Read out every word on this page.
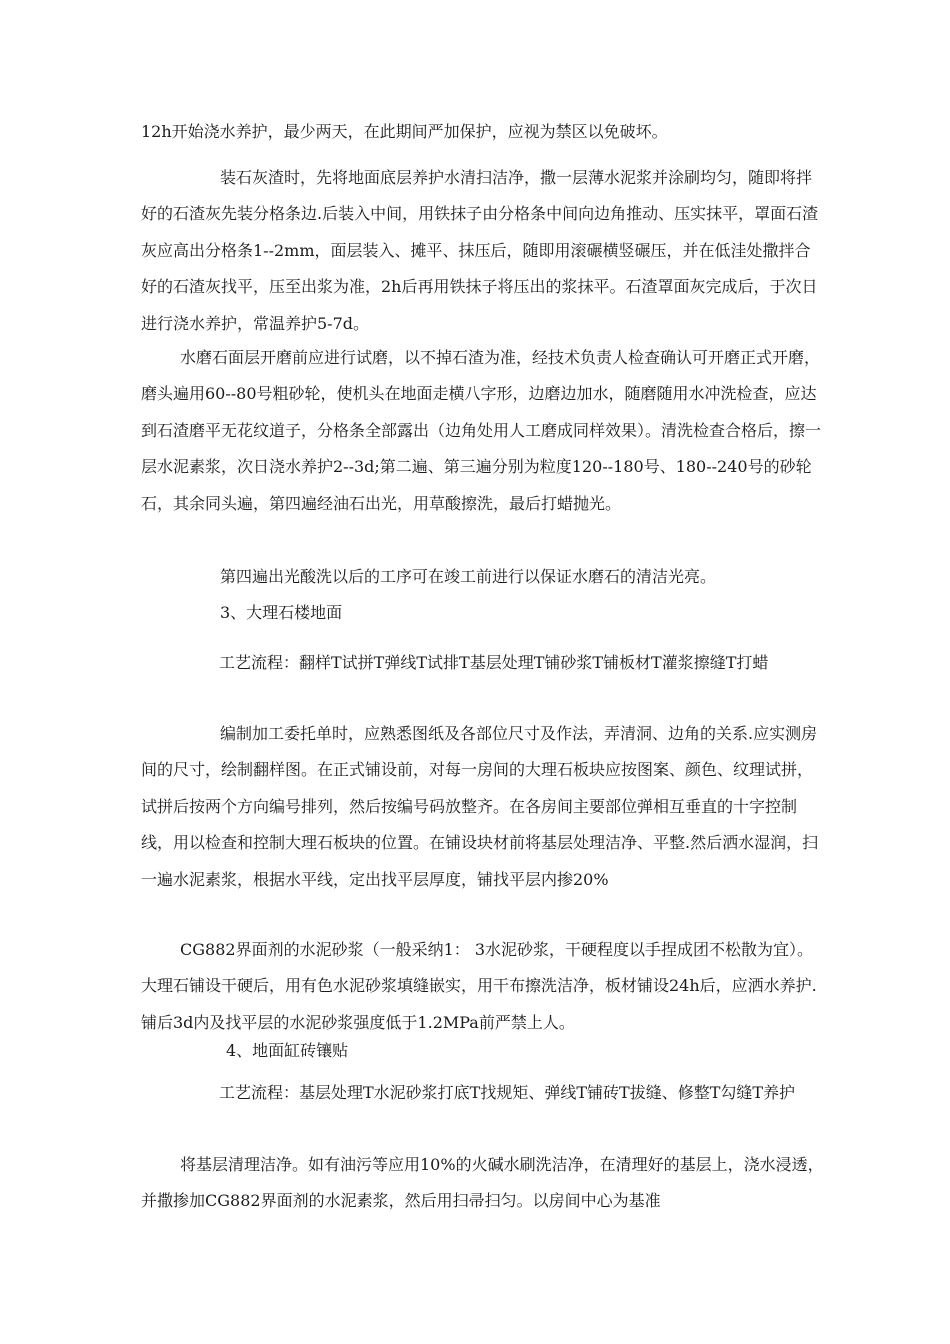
12h开始浇水养护，最少两天，在此期间严加保护，应视为禁区以免破坏。

装石灰渣时，先将地面底层养护水清扫洁净，撒一层薄水泥浆并涂刷均匀，随即将拌好的石渣灰先装分格条边.后装入中间，用铁抹子由分格条中间向边角推动、压实抹平，罩面石渣灰应高出分格条1--2mm，面层装入、摊平、抹压后，随即用滚碾横竖碾压，并在低洼处撒拌合好的石渣灰找平，压至出浆为准，2h后再用铁抹子将压出的浆抹平。石渣罩面灰完成后，于次日进行浇水养护，常温养护5-7d。

水磨石面层开磨前应进行试磨，以不掉石渣为准，经技术负责人检查确认可开磨正式开磨，磨头遍用60--80号粗砂轮，使机头在地面走横八字形，边磨边加水，随磨随用水冲洗检查，应达到石渣磨平无花纹道子，分格条全部露出（边角处用人工磨成同样效果）。清洗检查合格后，擦一层水泥素浆，次日浇水养护2--3d;第二遍、第三遍分别为粒度120--180号、180--240号的砂轮石，其余同头遍，第四遍经油石出光，用草酸擦洗，最后打蜡抛光。

第四遍出光酸洗以后的工序可在竣工前进行以保证水磨石的清洁光亮。

3、大理石楼地面

工艺流程：翻样T试拼T弹线T试排T基层处理T铺砂浆T铺板材T灌浆擦缝T打蜡

编制加工委托单时，应熟悉图纸及各部位尺寸及作法，弄清洞、边角的关系.应实测房间的尺寸，绘制翻样图。在正式铺设前，对每一房间的大理石板块应按图案、颜色、纹理试拼，试拼后按两个方向编号排列，然后按编号码放整齐。在各房间主要部位弹相互垂直的十字控制线，用以检查和控制大理石板块的位置。在铺设块材前将基层处理洁净、平整.然后洒水湿润，扫一遍水泥素浆，根据水平线，定出找平层厚度，铺找平层内掺20%

CG882界面剂的水泥砂浆（一般采纳1： 3水泥砂浆，干硬程度以手捏成团不松散为宜）。大理石铺设干硬后，用有色水泥砂浆填缝嵌实，用干布擦洗洁净，板材铺设24h后，应洒水养护.铺后3d内及找平层的水泥砂浆强度低于1.2MPa前严禁上人。

4、地面缸砖镶贴

工艺流程：基层处理T水泥砂浆打底T找规矩、弹线T铺砖T拔缝、修整T勾缝T养护

将基层清理洁净。如有油污等应用10%的火碱水刷洗洁净，在清理好的基层上，浇水浸透，并撒掺加CG882界面剂的水泥素浆，然后用扫帚扫匀。以房间中心为基准
